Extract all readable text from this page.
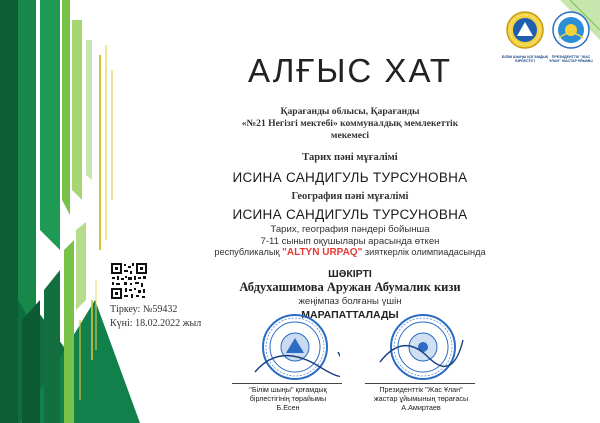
БІЛІМ ШЫҢЫ ҚОҒАМДЫҚ БІРЛЕСТІГІ
ПРЕЗИДЕНТТІК "ЖАС ҰЛАН" ЖАСТАР ҰЙЫМЫ
АЛҒЫС ХАТ
Қарағанды облысы, Қарағанды
«№21 Негізгі мектебі» коммуналдық мемлекеттік
мекемесі
Тарих пәні мұғалімі
ИСИНА САНДИГУЛЬ ТУРСУНОВНА
География пәні мұғалімі
ИСИНА САНДИГУЛЬ ТУРСУНОВНА
Тарих, география пәндері бойынша
7-11 сынып оқушылары арасында өткен
республикалық "ALTYN URPAQ" зияткерлік олимпиадасында
ШӘКІРТІ
Абдухашимова Аружан Абумалик кизи
жеңімпаз болғаны үшін
МАРАПАТТАЛАДЫ
Тіркеу: №59432
Күні: 18.02.2022 жыл
"Білім шыңы" қоғамдық
бірлестігінің төрайымы
Б.Есен
Президенттік "Жас Ұлан"
жастар ұйымының төрағасы
А.Амиртаев
